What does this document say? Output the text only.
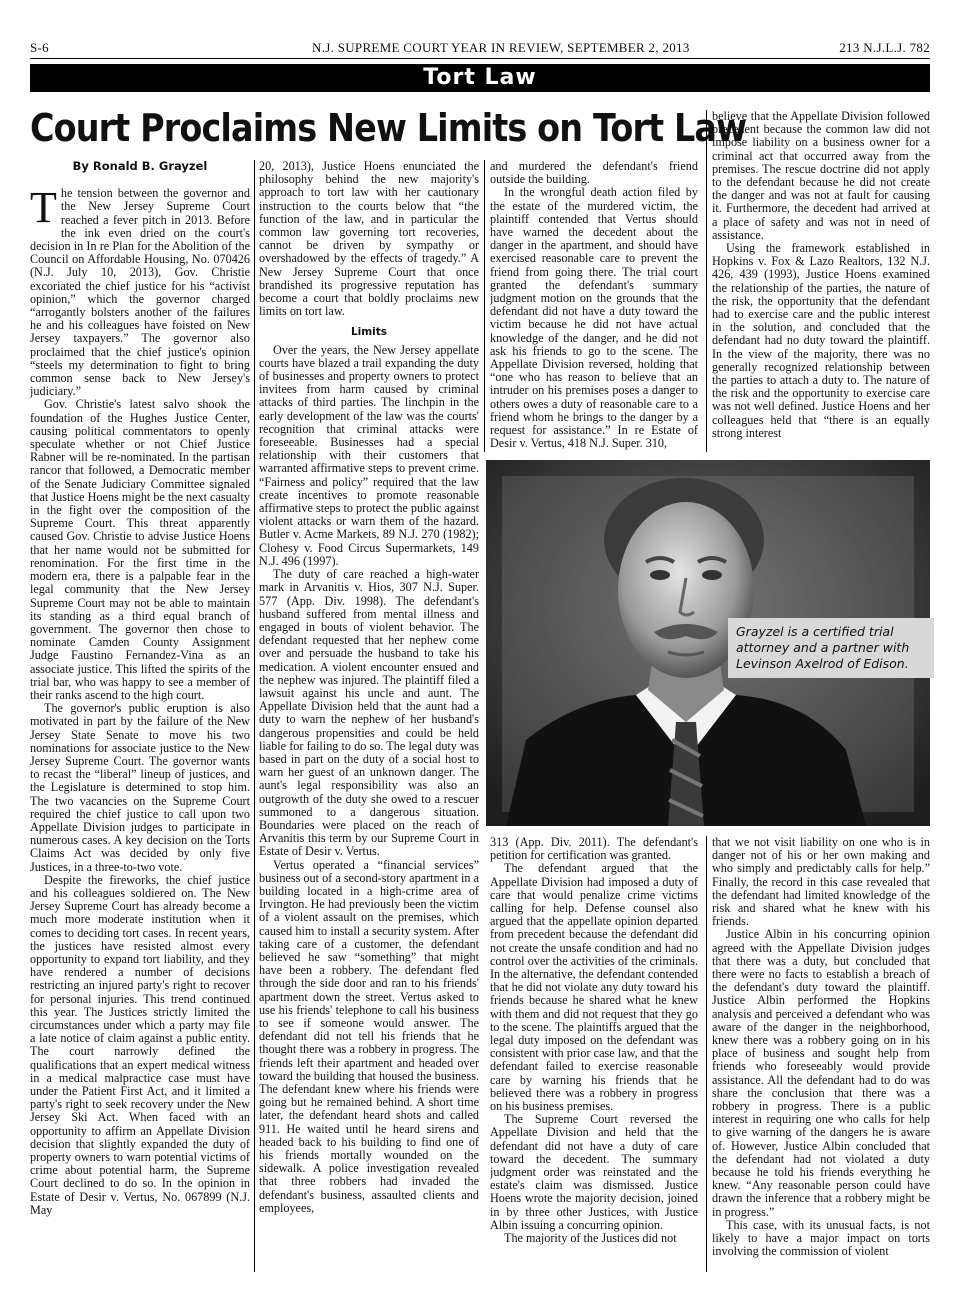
S-6	N.J. SUPREME COURT YEAR IN REVIEW, SEPTEMBER 2, 2013	213 N.J.L.J. 782
Tort Law
Court Proclaims New Limits on Tort Law
By Ronald B. Grayzel

The tension between the governor and the New Jersey Supreme Court reached a fever pitch in 2013. Before the ink even dried on the court's decision in In re Plan for the Abolition of the Council on Affordable Housing, No. 070426 (N.J. July 10, 2013), Gov. Christie excoriated the chief justice for his “activist opinion,” which the governor charged “arrogantly bolsters another of the failures he and his colleagues have foisted on New Jersey taxpayers.” The governor also proclaimed that the chief justice's opinion “steels my determination to fight to bring common sense back to New Jersey's judiciary.”

Gov. Christie's latest salvo shook the foundation of the Hughes Justice Center, causing political commentators to openly speculate whether or not Chief Justice Rabner will be re-nominated. In the partisan rancor that followed, a Democratic member of the Senate Judiciary Committee signaled that Justice Hoens might be the next casualty in the fight over the composition of the Supreme Court. This threat apparently caused Gov. Christie to advise Justice Hoens that her name would not be submitted for renomination. For the first time in the modern era, there is a palpable fear in the legal community that the New Jersey Supreme Court may not be able to maintain its standing as a third equal branch of government. The governor then chose to nominate Camden County Assignment Judge Faustino Fernandez-Vina as an associate justice. This lifted the spirits of the trial bar, who was happy to see a member of their ranks ascend to the high court.

The governor's public eruption is also motivated in part by the failure of the New Jersey State Senate to move his two nominations for associate justice to the New Jersey Supreme Court. The governor wants to recast the “liberal” lineup of justices, and the Legislature is determined to stop him. The two vacancies on the Supreme Court required the chief justice to call upon two Appellate Division judges to participate in numerous cases. A key decision on the Torts Claims Act was decided by only five Justices, in a three-to-two vote.

Despite the fireworks, the chief justice and his colleagues soldiered on. The New Jersey Supreme Court has already become a much more moderate institution when it comes to deciding tort cases. In recent years, the justices have resisted almost every opportunity to expand tort liability, and they have rendered a number of decisions restricting an injured party's right to recover for personal injuries. This trend continued this year. The Justices strictly limited the circumstances under which a party may file a late notice of claim against a public entity. The court narrowly defined the qualifications that an expert medical witness in a medical malpractice case must have under the Patient First Act, and it limited a party's right to seek recovery under the New Jersey Ski Act. When faced with an opportunity to affirm an Appellate Division decision that slightly expanded the duty of property owners to warn potential victims of crime about potential harm, the Supreme Court declined to do so. In the opinion in Estate of Desir v. Vertus, No. 067899 (N.J. May

20, 2013), Justice Hoens enunciated the philosophy behind the new majority's approach to tort law with her cautionary instruction to the courts below that “the function of the law, and in particular the common law governing tort recoveries, cannot be driven by sympathy or overshadowed by the effects of tragedy.” A New Jersey Supreme Court that once brandished its progressive reputation has become a court that boldly proclaims new limits on tort law.

Limits

Over the years, the New Jersey appellate courts have blazed a trail expanding the duty of businesses and property owners to protect invitees from harm caused by criminal attacks of third parties. The linchpin in the early development of the law was the courts' recognition that criminal attacks were foreseeable. Businesses had a special relationship with their customers that warranted affirmative steps to prevent crime. “Fairness and policy” required that the law create incentives to promote reasonable affirmative steps to protect the public against violent attacks or warn them of the hazard. Butler v. Acme Markets, 89 N.J. 270 (1982); Clohesy v. Food Circus Supermarkets, 149 N.J. 496 (1997).

The duty of care reached a high-water mark in Arvanitis v. Hios, 307 N.J. Super. 577 (App. Div. 1998). The defendant's husband suffered from mental illness and engaged in bouts of violent behavior. The defendant requested that her nephew come over and persuade the husband to take his medication. A violent encounter ensued and the nephew was injured. The plaintiff filed a lawsuit against his uncle and aunt. The Appellate Division held that the aunt had a duty to warn the nephew of her husband's dangerous propensities and could be held liable for failing to do so. The legal duty was based in part on the duty of a social host to warn her guest of an unknown danger. The aunt's legal responsibility was also an outgrowth of the duty she owed to a rescuer summoned to a dangerous situation. Boundaries were placed on the reach of Arvanitis this term by our Supreme Court in Estate of Desir v. Vertus.

Vertus operated a “financial services” business out of a second-story apartment in a building located in a high-crime area of Irvington. He had previously been the victim of a violent assault on the premises, which caused him to install a security system. After taking care of a customer, the defendant believed he saw “something” that might have been a robbery. The defendant fled through the side door and ran to his friends' apartment down the street. Vertus asked to use his friends' telephone to call his business to see if someone would answer. The defendant did not tell his friends that he thought there was a robbery in progress. The friends left their apartment and headed over toward the building that housed the business. The defendant knew where his friends were going but he remained behind. A short time later, the defendant heard shots and called 911. He waited until he heard sirens and headed back to his building to find one of his friends mortally wounded on the sidewalk. A police investigation revealed that three robbers had invaded the defendant's business, assaulted clients and employees,

and murdered the defendant's friend outside the building.

In the wrongful death action filed by the estate of the murdered victim, the plaintiff contended that Vertus should have warned the decedent about the danger in the apartment, and should have exercised reasonable care to prevent the friend from going there. The trial court granted the defendant's summary judgment motion on the grounds that the defendant did not have a duty toward the victim because he did not have actual knowledge of the danger, and he did not ask his friends to go to the scene. The Appellate Division reversed, holding that “one who has reason to believe that an intruder on his premises poses a danger to others owes a duty of reasonable care to a friend whom he brings to the danger by a request for assistance.” In re Estate of Desir v. Vertus, 418 N.J. Super. 310,

believe that the Appellate Division followed precedent because the common law did not impose liability on a business owner for a criminal act that occurred away from the premises. The rescue doctrine did not apply to the defendant because he did not create the danger and was not at fault for causing it. Furthermore, the decedent had arrived at a place of safety and was not in need of assistance.

Using the framework established in Hopkins v. Fox & Lazo Realtors, 132 N.J. 426, 439 (1993), Justice Hoens examined the relationship of the parties, the nature of the risk, the opportunity that the defendant had to exercise care and the public interest in the solution, and concluded that the defendant had no duty toward the plaintiff. In the view of the majority, there was no generally recognized relationship between the parties to attach a duty to. The nature of the risk and the opportunity to exercise care was not well defined. Justice Hoens and her colleagues held that “there is an equally strong interest

Grayzel is a certified trial attorney and a partner with Levinson Axelrod of Edison.

313 (App. Div. 2011). The defendant's petition for certification was granted.

The defendant argued that the Appellate Division had imposed a duty of care that would penalize crime victims calling for help. Defense counsel also argued that the appellate opinion departed from precedent because the defendant did not create the unsafe condition and had no control over the activities of the criminals. In the alternative, the defendant contended that he did not violate any duty toward his friends because he shared what he knew with them and did not request that they go to the scene. The plaintiffs argued that the legal duty imposed on the defendant was consistent with prior case law, and that the defendant failed to exercise reasonable care by warning his friends that he believed there was a robbery in progress on his business premises.

The Supreme Court reversed the Appellate Division and held that the defendant did not have a duty of care toward the decedent. The summary judgment order was reinstated and the estate's claim was dismissed. Justice Hoens wrote the majority decision, joined in by three other Justices, with Justice Albin issuing a concurring opinion.

The majority of the Justices did not

that we not visit liability on one who is in danger not of his or her own making and who simply and predictably calls for help.” Finally, the record in this case revealed that the defendant had limited knowledge of the risk and shared what he knew with his friends.

Justice Albin in his concurring opinion agreed with the Appellate Division judges that there was a duty, but concluded that there were no facts to establish a breach of the defendant's duty toward the plaintiff. Justice Albin performed the Hopkins analysis and perceived a defendant who was aware of the danger in the neighborhood, knew there was a robbery going on in his place of business and sought help from friends who foreseeably would provide assistance. All the defendant had to do was share the conclusion that there was a robbery in progress. There is a public interest in requiring one who calls for help to give warning of the dangers he is aware of. However, Justice Albin concluded that the defendant had not violated a duty because he told his friends everything he knew. “Any reasonable person could have drawn the inference that a robbery might be in progress.”

This case, with its unusual facts, is not likely to have a major impact on torts involving the commission of violent
